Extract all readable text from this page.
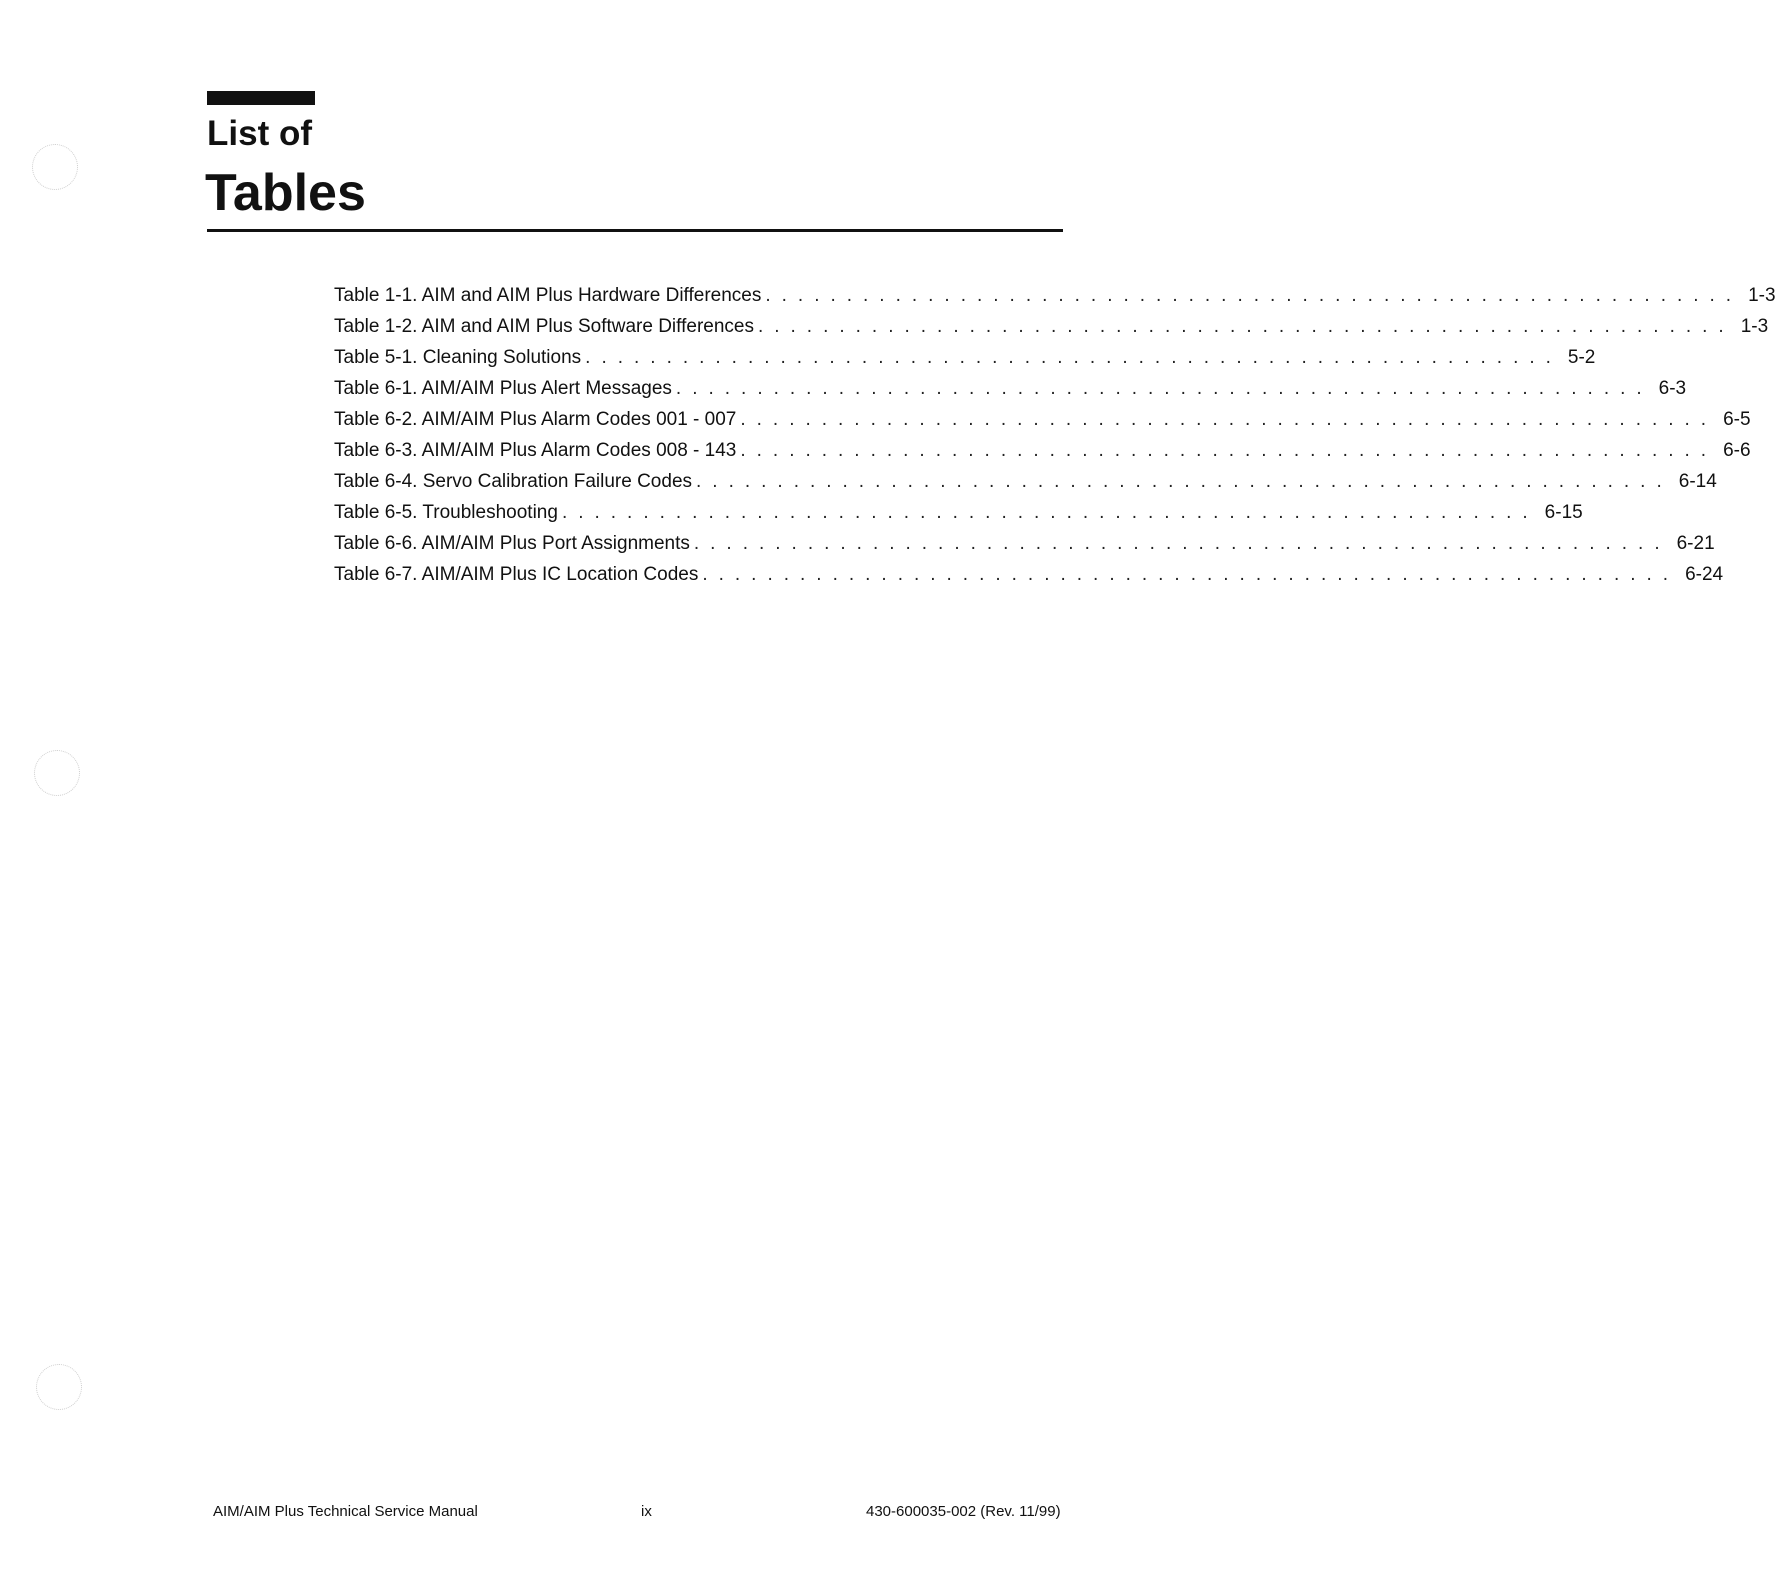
List of
Tables
Table 1-1. AIM and AIM Plus Hardware Differences ............................................................ 1-3
Table 1-2. AIM and AIM Plus Software Differences ............................................................ 1-3
Table 5-1. Cleaning Solutions ............................................................ 5-2
Table 6-1. AIM/AIM Plus Alert Messages ............................................................ 6-3
Table 6-2. AIM/AIM Plus Alarm Codes 001 - 007 ............................................................ 6-5
Table 6-3. AIM/AIM Plus Alarm Codes 008 - 143 ............................................................ 6-6
Table 6-4. Servo Calibration Failure Codes ............................................................ 6-14
Table 6-5. Troubleshooting ............................................................ 6-15
Table 6-6. AIM/AIM Plus Port Assignments ............................................................ 6-21
Table 6-7. AIM/AIM Plus IC Location Codes ............................................................ 6-24
AIM/AIM Plus Technical Service Manual	ix	430-600035-002 (Rev. 11/99)
